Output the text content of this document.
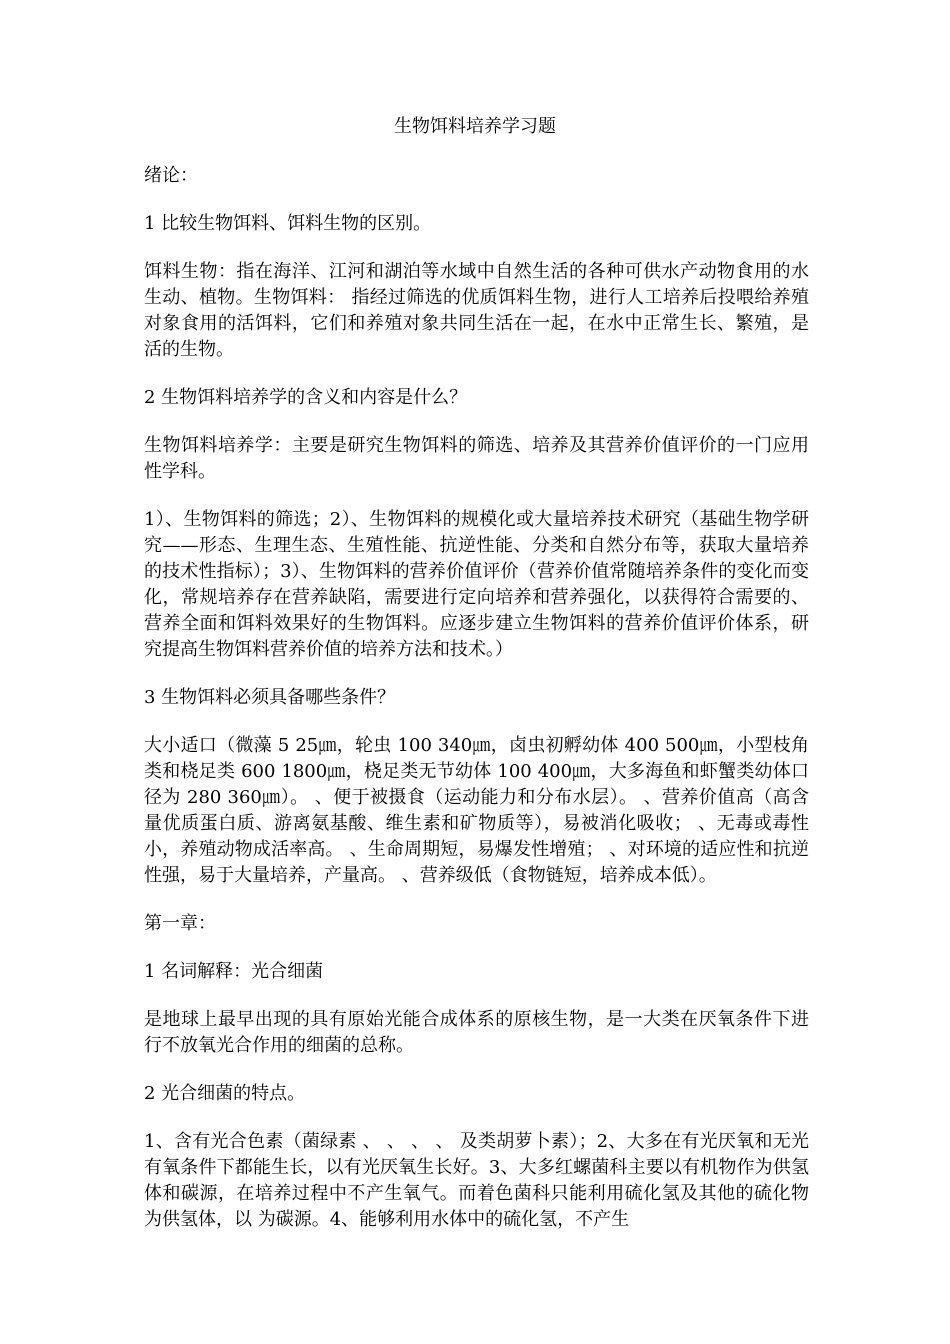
生物饵料培养学习题

绪论：

1 比较生物饵料、饵料生物的区别。

饵料生物：指在海洋、江河和湖泊等水域中自然生活的各种可供水产动物食用的水生动、植物。生物饵料： 指经过筛选的优质饵料生物，进行人工培养后投喂给养殖对象食用的活饵料，它们和养殖对象共同生活在一起，在水中正常生长、繁殖，是活的生物。

2 生物饵料培养学的含义和内容是什么？

生物饵料培养学：主要是研究生物饵料的筛选、培养及其营养价值评价的一门应用性学科。

1）、生物饵料的筛选；2）、生物饵料的规模化或大量培养技术研究（基础生物学研究——形态、生理生态、生殖性能、抗逆性能、分类和自然分布等，获取大量培养的技术性指标）；3）、生物饵料的营养价值评价（营养价值常随培养条件的变化而变化，常规培养存在营养缺陷，需要进行定向培养和营养强化，以获得符合需要的、营养全面和饵料效果好的生物饵料。应逐步建立生物饵料的营养价值评价体系，研究提高生物饵料营养价值的培养方法和技术。）

3 生物饵料必须具备哪些条件？

大小适口（微藻 5 25㎛，轮虫 100 340㎛，卤虫初孵幼体 400 500㎛，小型枝角类和桡足类 600 1800㎛，桡足类无节幼体 100 400㎛，大多海鱼和虾蟹类幼体口径为 280 360㎛）。 、便于被摄食（运动能力和分布水层）。 、营养价值高（高含量优质蛋白质、游离氨基酸、维生素和矿物质等），易被消化吸收； 、无毒或毒性小，养殖动物成活率高。 、生命周期短，易爆发性增殖； 、对环境的适应性和抗逆性强，易于大量培养，产量高。 、营养级低（食物链短，培养成本低）。

第一章：

1 名词解释：光合细菌

是地球上最早出现的具有原始光能合成体系的原核生物，是一大类在厌氧条件下进行不放氧光合作用的细菌的总称。

2 光合细菌的特点。

1、含有光合色素（菌绿素 、 、 、 、 及类胡萝卜素）；2、大多在有光厌氧和无光有氧条件下都能生长，以有光厌氧生长好。3、大多红螺菌科主要以有机物作为供氢体和碳源，在培养过程中不产生氧气。而着色菌科只能利用硫化氢及其他的硫化物为供氢体，以 为碳源。4、能够利用水体中的硫化氢，不产生
